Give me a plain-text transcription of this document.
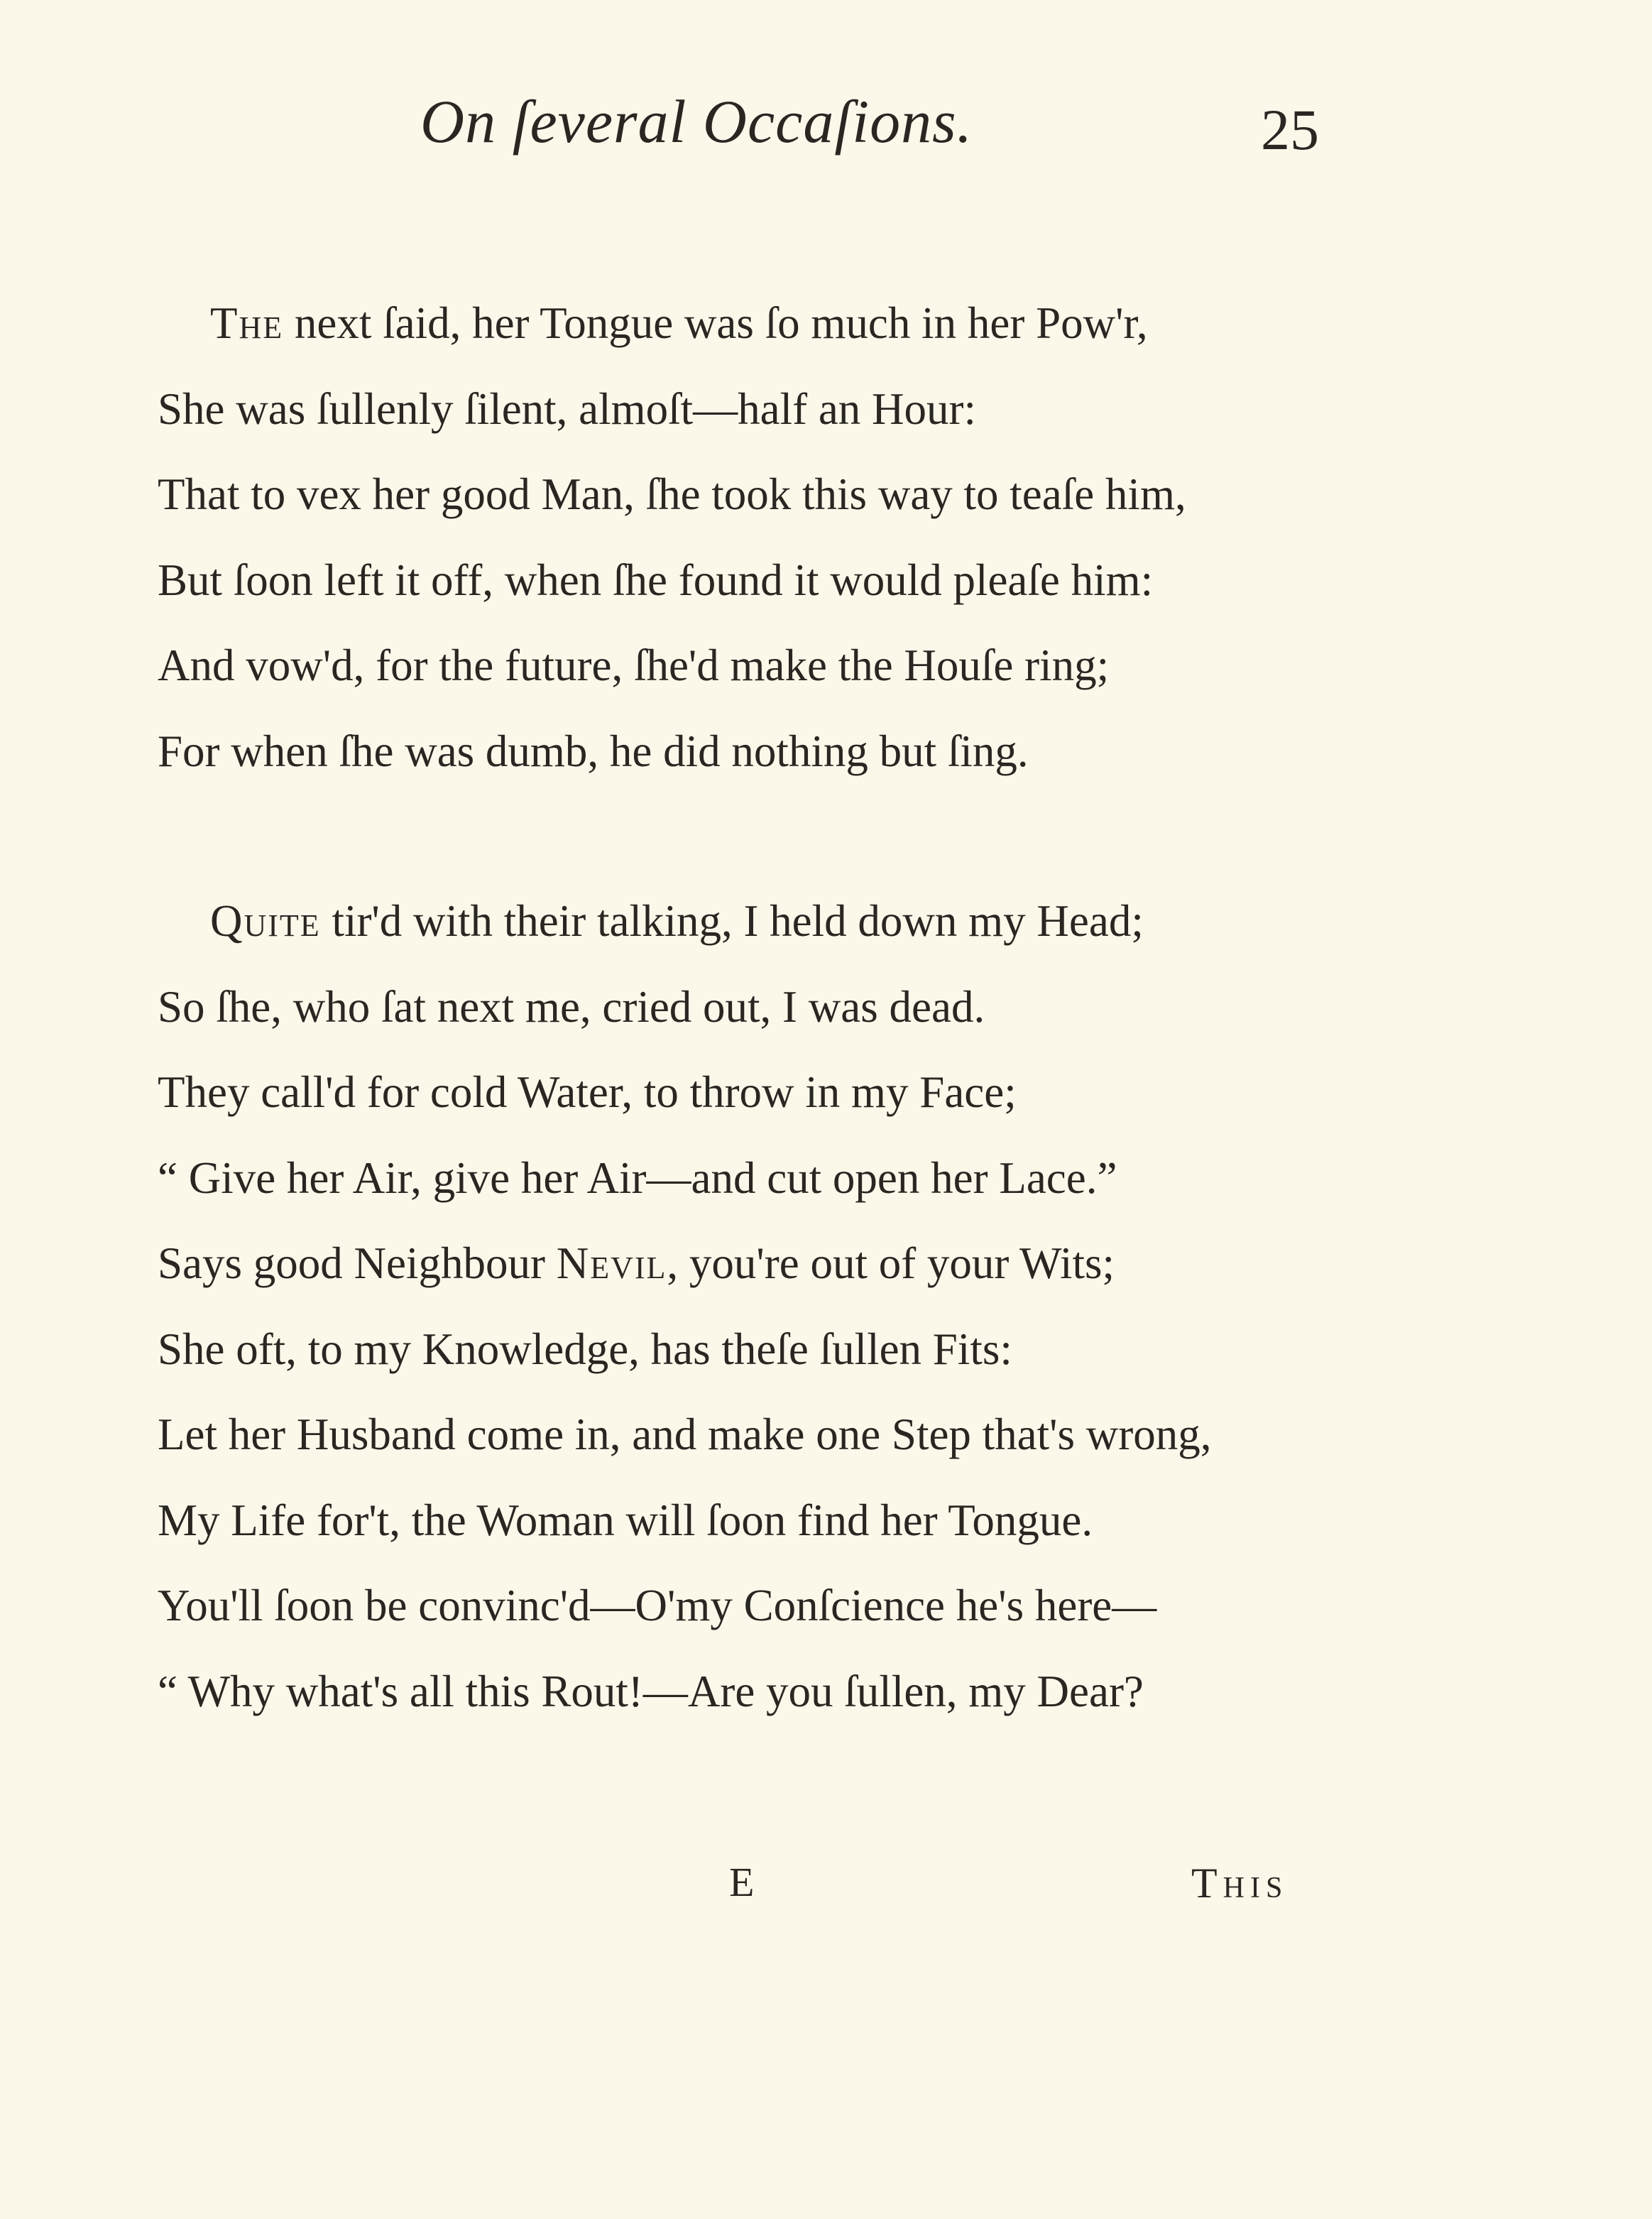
On ſeveral Occaſions.	25
The next ſaid, her Tongue was ſo much in her Pow'r,
She was ſullenly ſilent, almoſt—half an Hour:
That to vex her good Man, ſhe took this way to teaſe him,
But ſoon left it off, when ſhe found it would pleaſe him:
And vow'd, for the future, ſhe'd make the Houſe ring;
For when ſhe was dumb, he did nothing but ſing.
Quite tir'd with their talking, I held down my Head;
So ſhe, who ſat next me, cried out, I was dead.
They call'd for cold Water, to throw in my Face;
“ Give her Air, give her Air—and cut open her Lace.”
Says good Neighbour Nevil, you're out of your Wits;
She oft, to my Knowledge, has theſe ſullen Fits:
Let her Husband come in, and make one Step that's wrong,
My Life for't, the Woman will ſoon find her Tongue.
You'll ſoon be convinc'd—O'my Conſcience he's here—
“ Why what's all this Rout!—Are you ſullen, my Dear?
E	THIS
